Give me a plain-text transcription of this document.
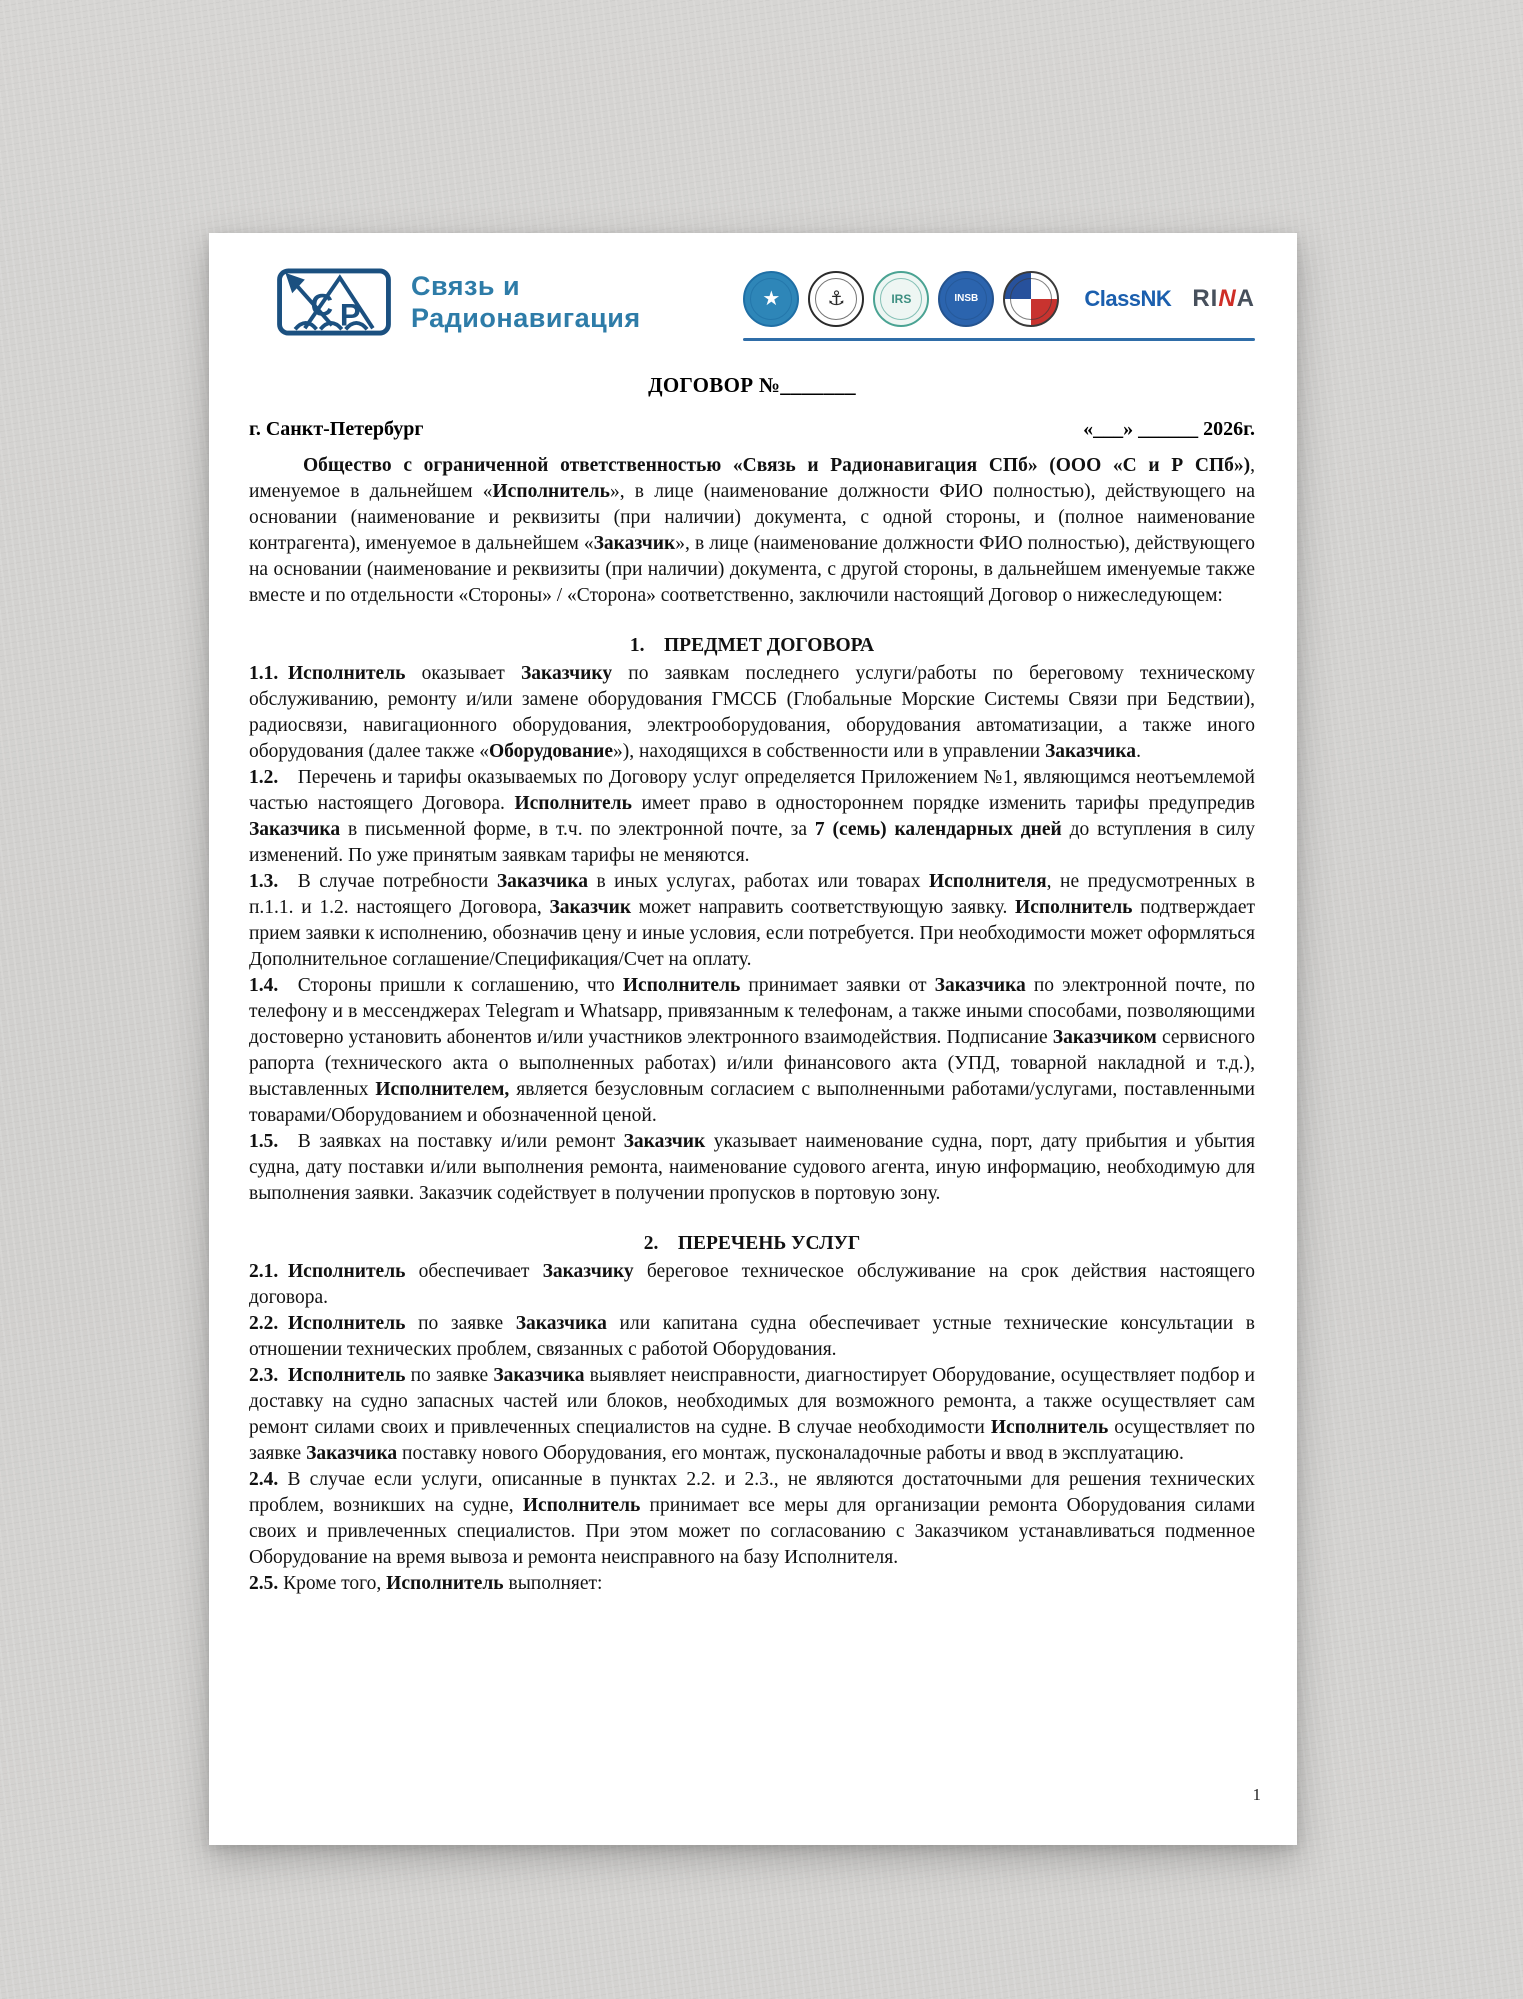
С Р
Связь и
Радионавигация
★ ⚓	IRS	INSB	ClassNK RINA
ДОГОВОР №_______
г. Санкт-Петербург	«___» ______ 2026г.
Общество с ограниченной ответственностью «Связь и Радионавигация СПб» (ООО «С и Р СПб»), именуемое в дальнейшем «Исполнитель», в лице (наименование должности ФИО полностью), действующего на основании (наименование и реквизиты (при наличии) документа, с одной стороны, и (полное наименование контрагента), именуемое в дальнейшем «Заказчик», в лице (наименование должности ФИО полностью), действующего на основании (наименование и реквизиты (при наличии) документа, с другой стороны, в дальнейшем именуемые также вместе и по отдельности «Стороны» / «Сторона» соответственно, заключили настоящий Договор о нижеследующем:
1. ПРЕДМЕТ ДОГОВОРА
1.1. Исполнитель оказывает Заказчику по заявкам последнего услуги/работы по береговому техническому обслуживанию, ремонту и/или замене оборудования ГМССБ (Глобальные Морские Системы Связи при Бедствии), радиосвязи, навигационного оборудования, электрооборудования, оборудования автоматизации, а также иного оборудования (далее также «Оборудование»), находящихся в собственности или в управлении Заказчика.
1.2. Перечень и тарифы оказываемых по Договору услуг определяется Приложением №1, являющимся неотъемлемой частью настоящего Договора. Исполнитель имеет право в одностороннем порядке изменить тарифы предупредив Заказчика в письменной форме, в т.ч. по электронной почте, за 7 (семь) календарных дней до вступления в силу изменений. По уже принятым заявкам тарифы не меняются.
1.3. В случае потребности Заказчика в иных услугах, работах или товарах Исполнителя, не предусмотренных в п.1.1. и 1.2. настоящего Договора, Заказчик может направить соответствующую заявку. Исполнитель подтверждает прием заявки к исполнению, обозначив цену и иные условия, если потребуется. При необходимости может оформляться Дополнительное соглашение/Спецификация/Счет на оплату.
1.4. Стороны пришли к соглашению, что Исполнитель принимает заявки от Заказчика по электронной почте, по телефону и в мессенджерах Telegram и Whatsapp, привязанным к телефонам, а также иными способами, позволяющими достоверно установить абонентов и/или участников электронного взаимодействия. Подписание Заказчиком сервисного рапорта (технического акта о выполненных работах) и/или финансового акта (УПД, товарной накладной и т.д.), выставленных Исполнителем, является безусловным согласием с выполненными работами/услугами, поставленными товарами/Оборудованием и обозначенной ценой.
1.5. В заявках на поставку и/или ремонт Заказчик указывает наименование судна, порт, дату прибытия и убытия судна, дату поставки и/или выполнения ремонта, наименование судового агента, иную информацию, необходимую для выполнения заявки. Заказчик содействует в получении пропусков в портовую зону.
2. ПЕРЕЧЕНЬ УСЛУГ
2.1. Исполнитель обеспечивает Заказчику береговое техническое обслуживание на срок действия настоящего договора.
2.2. Исполнитель по заявке Заказчика или капитана судна обеспечивает устные технические консультации в отношении технических проблем, связанных с работой Оборудования.
2.3. Исполнитель по заявке Заказчика выявляет неисправности, диагностирует Оборудование, осуществляет подбор и доставку на судно запасных частей или блоков, необходимых для возможного ремонта, а также осуществляет сам ремонт силами своих и привлеченных специалистов на судне. В случае необходимости Исполнитель осуществляет по заявке Заказчика поставку нового Оборудования, его монтаж, пусконаладочные работы и ввод в эксплуатацию.
2.4. В случае если услуги, описанные в пунктах 2.2. и 2.3., не являются достаточными для решения технических проблем, возникших на судне, Исполнитель принимает все меры для организации ремонта Оборудования силами своих и привлеченных специалистов. При этом может по согласованию с Заказчиком устанавливаться подменное Оборудование на время вывоза и ремонта неисправного на базу Исполнителя.
2.5. Кроме того, Исполнитель выполняет:
1
